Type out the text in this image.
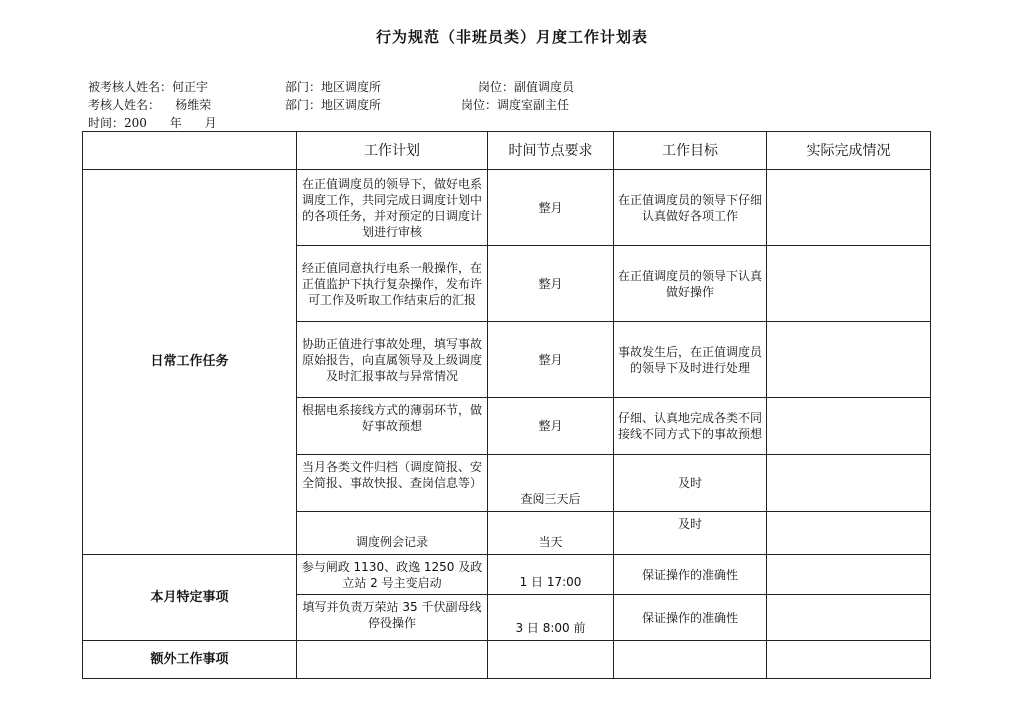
行为规范（非班员类）月度工作计划表
被考核人姓名：何正宇	部门：地区调度所	岗位：副值调度员
考核人姓名：    杨维荣	部门：地区调度所	岗位：调度室副主任
时间：200      年      月
	工作计划	时间节点要求	工作目标	实际完成情况
日常工作任务	在正值调度员的领导下，做好电系调度工作，共同完成日调度计划中的各项任务，并对预定的日调度计划进行审核	整月	在正值调度员的领导下仔细认真做好各项工作	
	经正值同意执行电系一般操作，在正值监护下执行复杂操作，发布许可工作及听取工作结束后的汇报	整月	在正值调度员的领导下认真做好操作	
	协助正值进行事故处理，填写事故原始报告，向直属领导及上级调度及时汇报事故与异常情况	整月	事故发生后，在正值调度员的领导下及时进行处理	
	根据电系接线方式的薄弱环节，做好事故预想	整月	仔细、认真地完成各类不同接线不同方式下的事故预想	
	当月各类文件归档（调度简报、安全简报、事故快报、查岗信息等）	查阅三天后	及时	
	调度例会记录	当天	及时	
本月特定事项	参与闸政 1130、政逸 1250 及政立站 2 号主变启动	1 日 17:00	保证操作的准确性	
	填写并负责万荣站 35 千伏副母线停役操作	3 日 8:00 前	保证操作的准确性	
额外工作事项				
